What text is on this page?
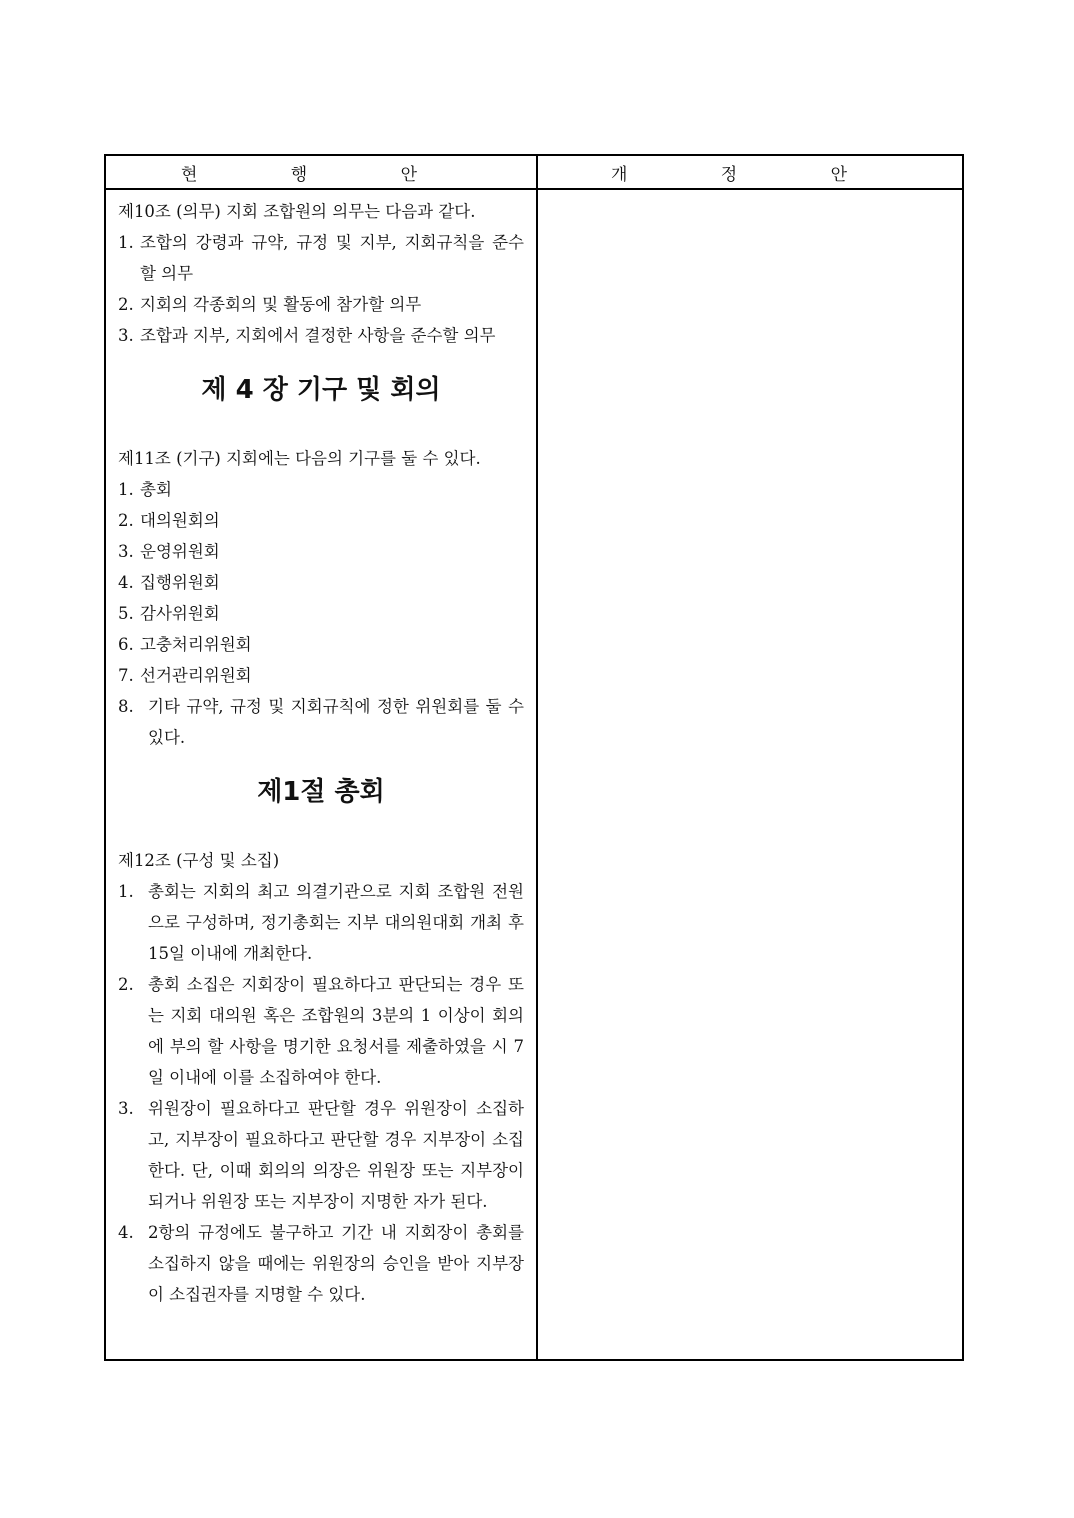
현 행 안	개 정 안

제10조 (의무) 지회 조합원의 의무는 다음과 같다.

1. 조합의 강령과 규약, 규정 및 지부, 지회규칙을 준수 할 의무

2. 지회의 각종회의 및 활동에 참가할 의무

3. 조합과 지부, 지회에서 결정한 사항을 준수할 의무

제 4 장 기구 및 회의

제11조 (기구) 지회에는 다음의 기구를 둘 수 있다.

1. 총회

2. 대의원회의

3. 운영위원회

4. 집행위원회

5. 감사위원회

6. 고충처리위원회

7. 선거관리위원회

8. 기타 규약, 규정 및 지회규칙에 정한 위원회를 둘 수 있다.

제1절 총회

제12조 (구성 및 소집)

1. 총회는 지회의 최고 의결기관으로 지회 조합원 전원으로 구성하며, 정기총회는 지부 대의원대회 개최 후 15일 이내에 개최한다.

2. 총회 소집은 지회장이 필요하다고 판단되는 경우 또는 지회 대의원 혹은 조합원의 3분의 1 이상이 회의에 부의 할 사항을 명기한 요청서를 제출하였을 시 7일 이내에 이를 소집하여야 한다.

3. 위원장이 필요하다고 판단할 경우 위원장이 소집하고, 지부장이 필요하다고 판단할 경우 지부장이 소집한다. 단, 이때 회의의 의장은 위원장 또는 지부장이 되거나 위원장 또는 지부장이 지명한 자가 된다.

4. 2항의 규정에도 불구하고 기간 내 지회장이 총회를 소집하지 않을 때에는 위원장의 승인을 받아 지부장이 소집권자를 지명할 수 있다.
